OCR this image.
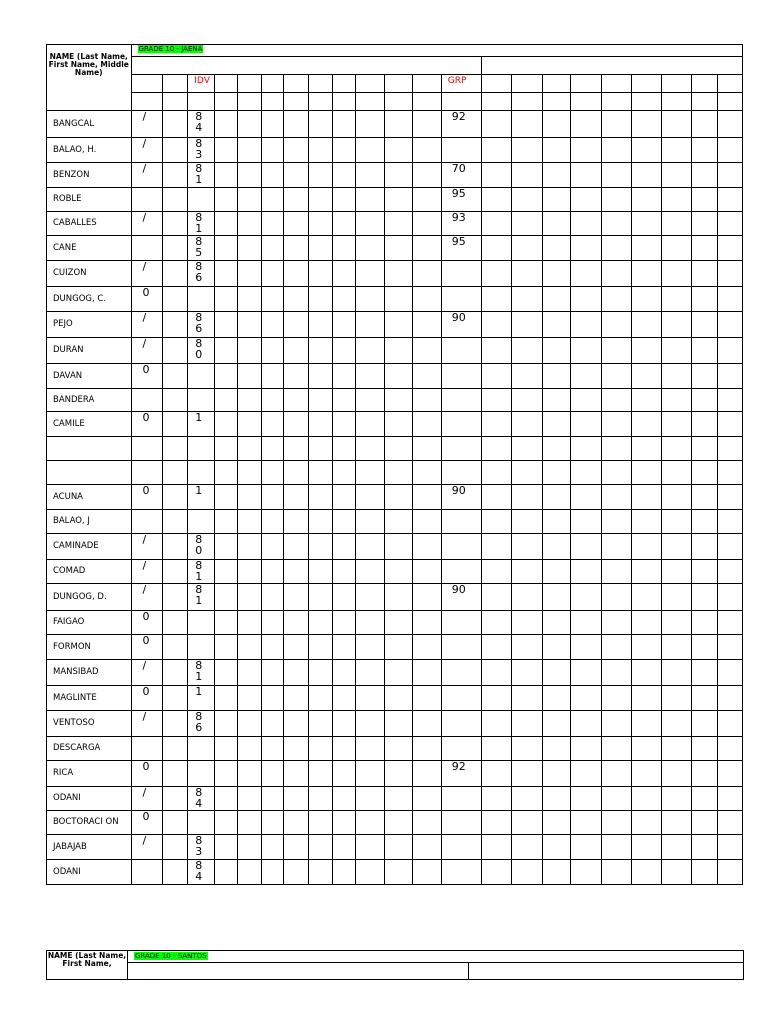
NAME (Last Name, First Name, Middle Name)	GRADE 10 - JAENA																					

			IDV										GRP									

BANGCAL	/		8 4										92									

BALAO, H.	/		8 3																			

BENZON	/		81										70									

ROBLE													95									

CABALLES	/		81										93									

CANE			85										95									

CUIZON	/		8 6																			

DUNGOG, C.	0																					

PEJO	/		8 6										90									

DURAN	/		8 0																			

DAVAN	0																					

BANDERA	

CAMILE	0		1																			

ACUNA	0		1										90									

BALAO, J	

CAMINADE	/		8 0																			

COMAD	/		81																			

DUNGOG, D.	/		8 1										90									

FAIGAO	0																					

FORMON	0																					

MANSIBAD	/		8 1																			

MAGLINTE	0		1																			

VENTOSO	/		8 6																			

DESCARGA	

RICA	0												92									

ODANI	/		84																			

BOCTORACI ON	0																					

JABAJAB	/		83																			

ODANI			84																			

NAME (Last Name, First Name,	GRADE 10 - SANTOS	
